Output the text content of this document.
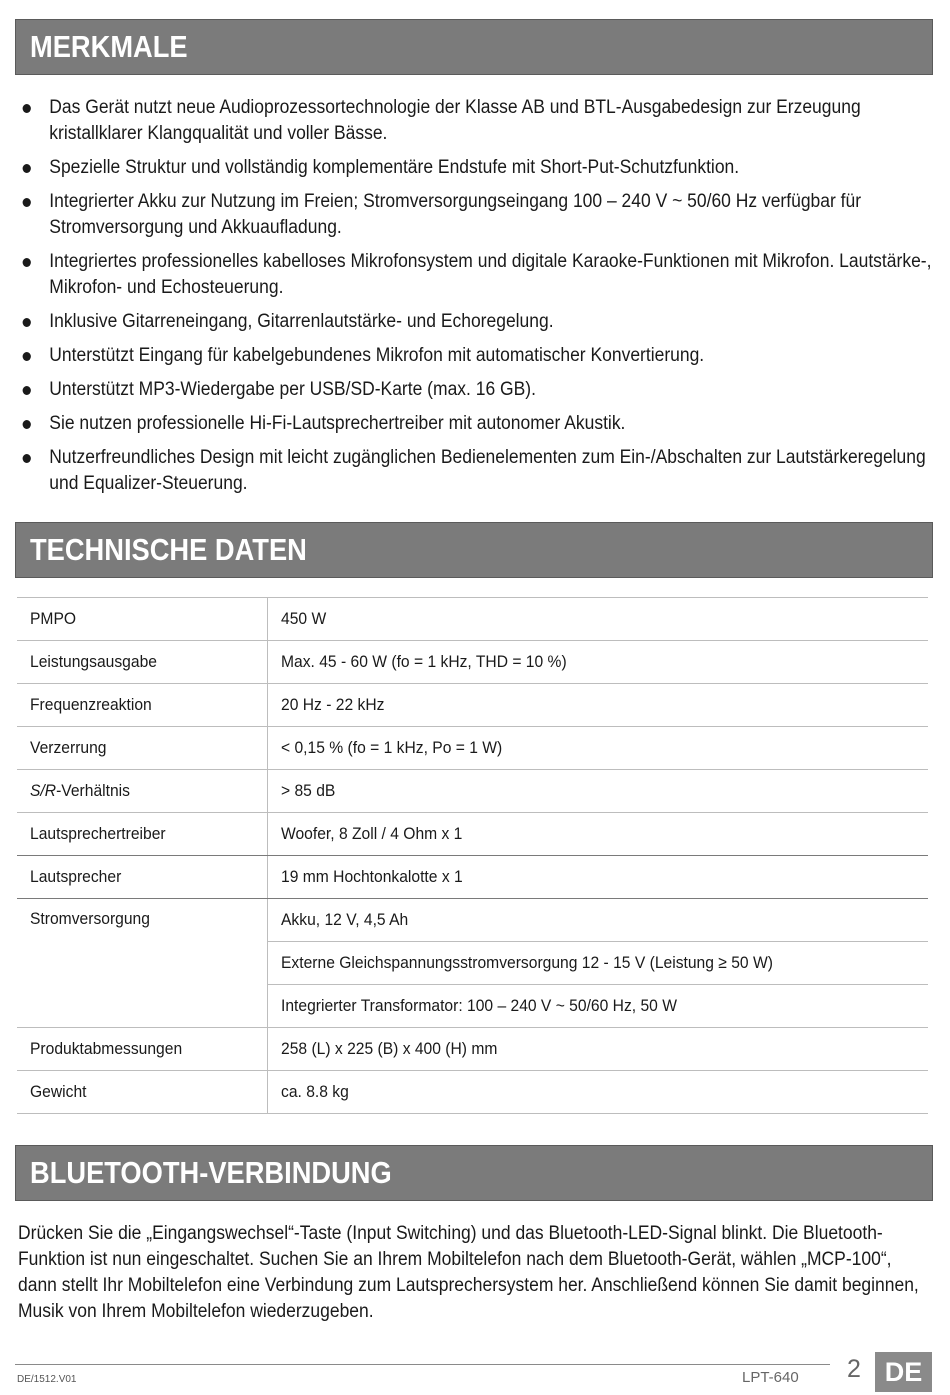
MERKMALE
Das Gerät nutzt neue Audioprozessortechnologie der Klasse AB und BTL-Ausgabedesign zur Erzeugung kristallklarer Klangqualität und voller Bässe.
Spezielle Struktur und vollständig komplementäre Endstufe mit Short-Put-Schutzfunktion.
Integrierter Akku zur Nutzung im Freien; Stromversorgungseingang 100 – 240 V ~ 50/60 Hz verfügbar für Stromversorgung und Akkuaufladung.
Integriertes professionelles kabelloses Mikrofonsystem und digitale Karaoke-Funktionen mit Mikrofon. Lautstärke-, Mikrofon- und Echosteuerung.
Inklusive Gitarreneingang, Gitarrenlautstärke- und Echoregelung.
Unterstützt Eingang für kabelgebundenes Mikrofon mit automatischer Konvertierung.
Unterstützt MP3-Wiedergabe per USB/SD-Karte (max. 16 GB).
Sie nutzen professionelle Hi-Fi-Lautsprechertreiber mit autonomer Akustik.
Nutzerfreundliches Design mit leicht zugänglichen Bedienelementen zum Ein-/Abschalten zur Lautstärkeregelung und Equalizer-Steuerung.
TECHNISCHE DATEN
PMPO	450 W
Leistungsausgabe	Max. 45 - 60 W (fo = 1 kHz, THD = 10 %)
Frequenzreaktion	20 Hz - 22 kHz
Verzerrung	< 0,15 % (fo = 1 kHz, Po = 1 W)
S/R-Verhältnis	> 85 dB
Lautsprechertreiber	Woofer, 8 Zoll / 4 Ohm x 1
Lautsprecher	19 mm Hochtonkalotte x 1
Stromversorgung	Akku, 12 V, 4,5 Ah
	Externe Gleichspannungsstromversorgung 12 - 15 V (Leistung ≥ 50 W)
	Integrierter Transformator: 100 – 240 V ~ 50/60 Hz, 50 W
Produktabmessungen	258 (L) x 225 (B) x 400 (H) mm
Gewicht	ca. 8.8 kg
BLUETOOTH-VERBINDUNG

Drücken Sie die „Eingangswechsel“-Taste (Input Switching) und das Bluetooth-LED-Signal blinkt. Die Bluetooth-Funktion ist nun eingeschaltet. Suchen Sie an Ihrem Mobiltelefon nach dem Bluetooth-Gerät, wählen „MCP-100“, dann stellt Ihr Mobiltelefon eine Verbindung zum Lautsprechersystem her. Anschließend können Sie damit beginnen, Musik von Ihrem Mobiltelefon wiederzugeben.

DE/1512.V01	LPT-640 2 DE
